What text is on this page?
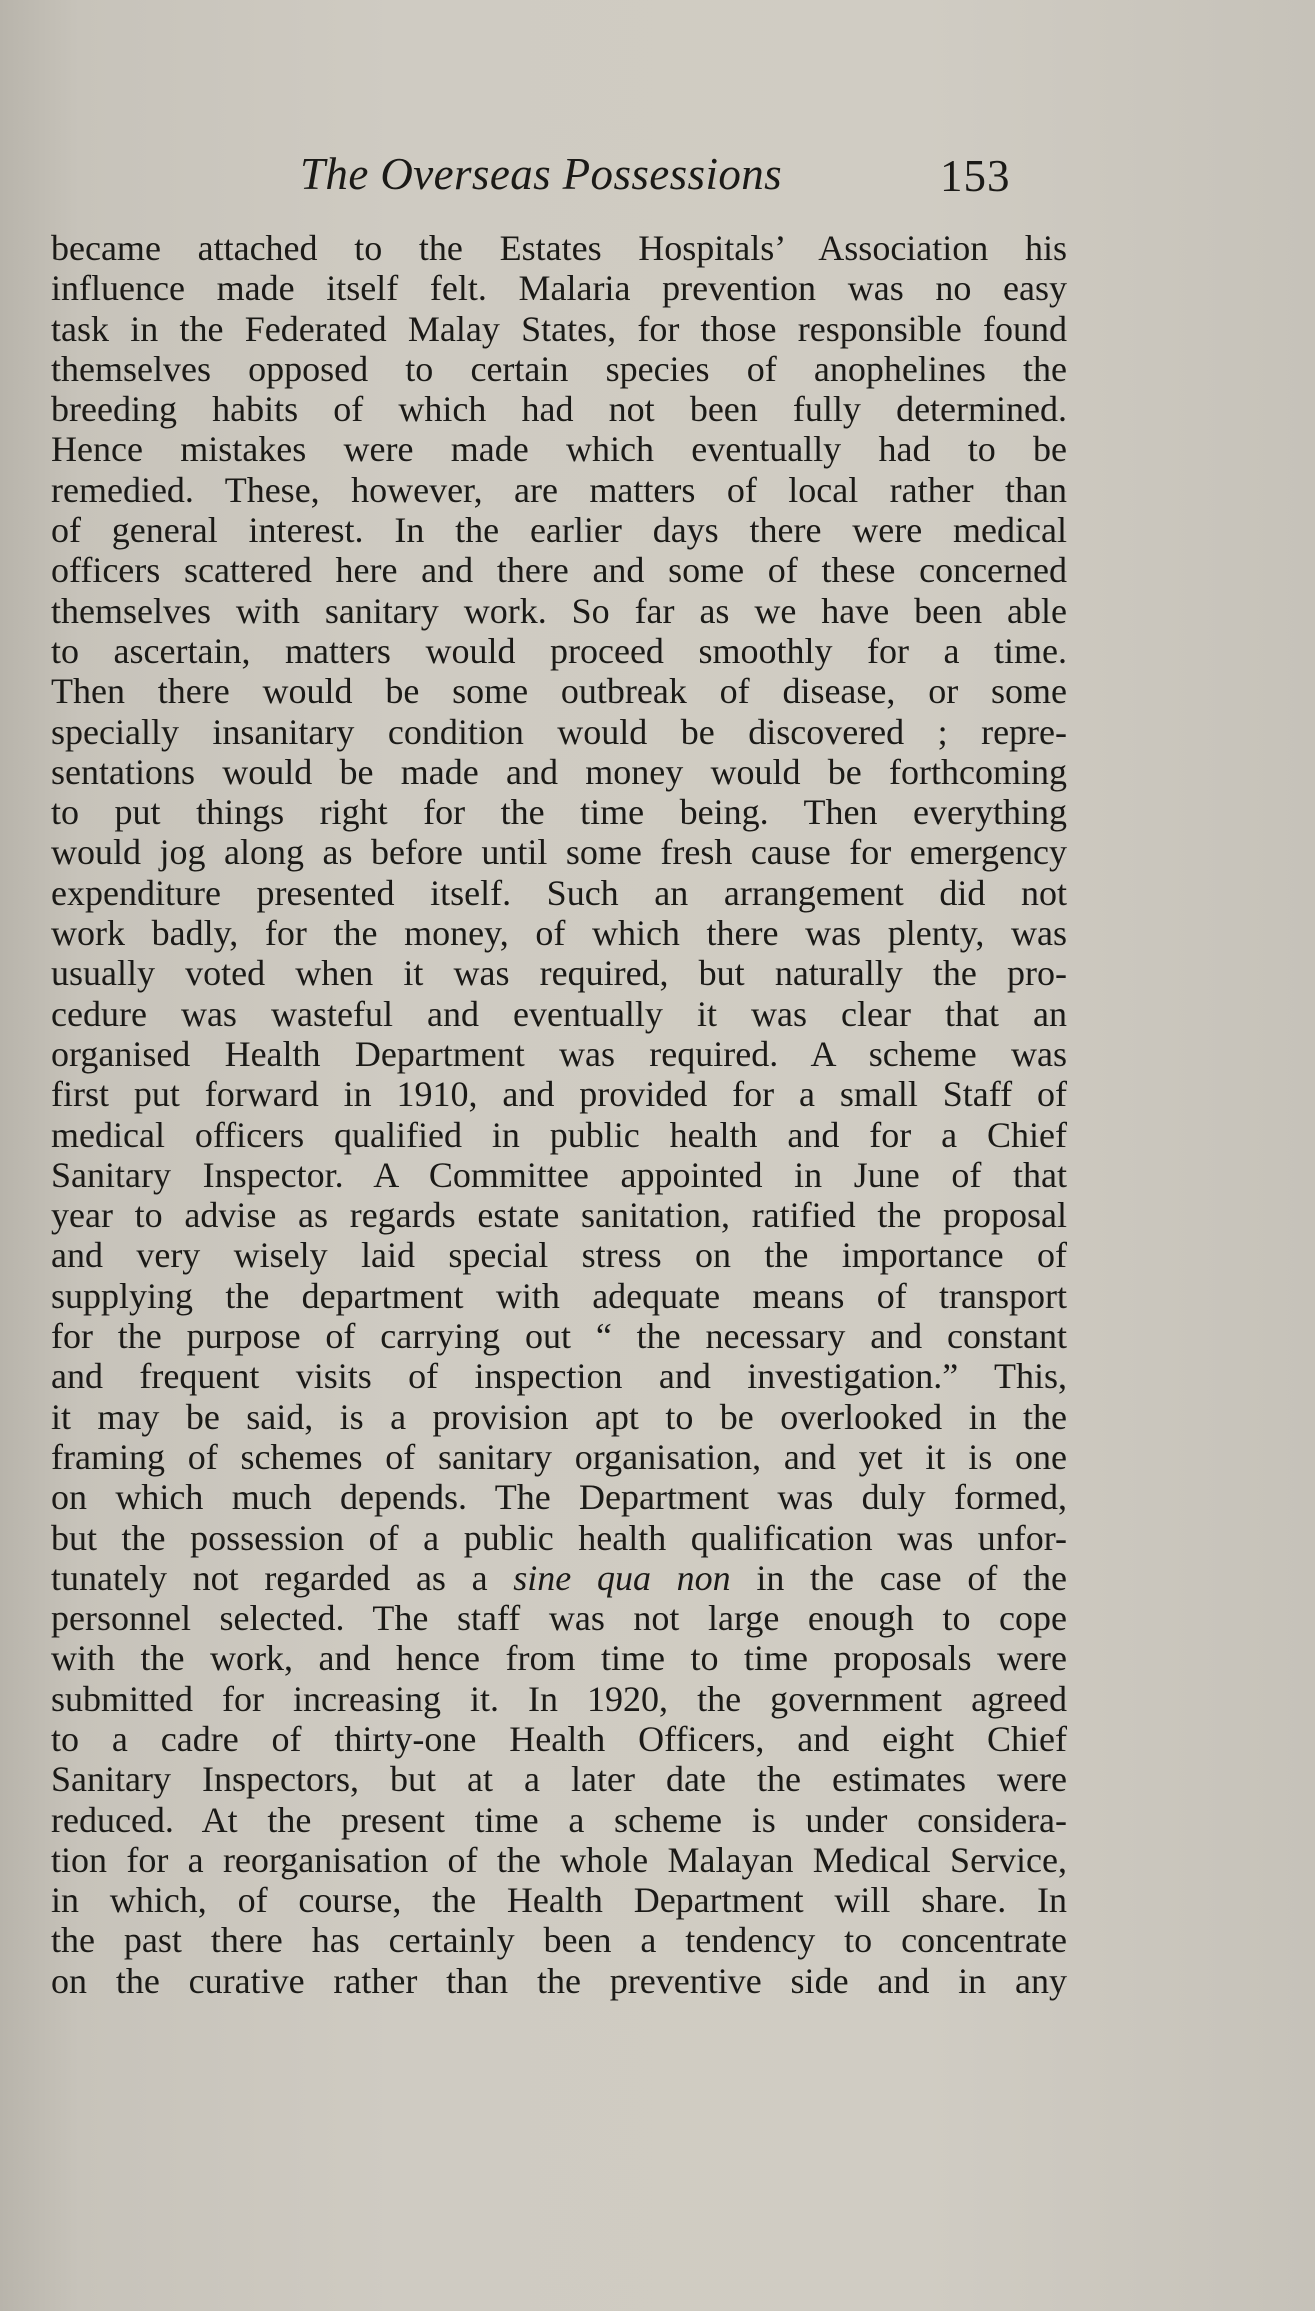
The Overseas Possessions	153
became attached to the Estates Hospitals’ Association his
influence made itself felt. Malaria prevention was no easy
task in the Federated Malay States, for those responsible found
themselves opposed to certain species of anophelines the
breeding habits of which had not been fully determined.
Hence mistakes were made which eventually had to be
remedied. These, however, are matters of local rather than
of general interest. In the earlier days there were medical
officers scattered here and there and some of these concerned
themselves with sanitary work. So far as we have been able
to ascertain, matters would proceed smoothly for a time.
Then there would be some outbreak of disease, or some
specially insanitary condition would be discovered ; repre-
sentations would be made and money would be forthcoming
to put things right for the time being. Then everything
would jog along as before until some fresh cause for emergency
expenditure presented itself. Such an arrangement did not
work badly, for the money, of which there was plenty, was
usually voted when it was required, but naturally the pro-
cedure was wasteful and eventually it was clear that an
organised Health Department was required. A scheme was
first put forward in 1910, and provided for a small Staff of
medical officers qualified in public health and for a Chief
Sanitary Inspector. A Committee appointed in June of that
year to advise as regards estate sanitation, ratified the proposal
and very wisely laid special stress on the importance of
supplying the department with adequate means of transport
for the purpose of carrying out “ the necessary and constant
and frequent visits of inspection and investigation.” This,
it may be said, is a provision apt to be overlooked in the
framing of schemes of sanitary organisation, and yet it is one
on which much depends. The Department was duly formed,
but the possession of a public health qualification was unfor-
tunately not regarded as a sine qua non in the case of the
personnel selected. The staff was not large enough to cope
with the work, and hence from time to time proposals were
submitted for increasing it. In 1920, the government agreed
to a cadre of thirty-one Health Officers, and eight Chief
Sanitary Inspectors, but at a later date the estimates were
reduced. At the present time a scheme is under considera-
tion for a reorganisation of the whole Malayan Medical Service,
in which, of course, the Health Department will share. In
the past there has certainly been a tendency to concentrate
on the curative rather than the preventive side and in any
